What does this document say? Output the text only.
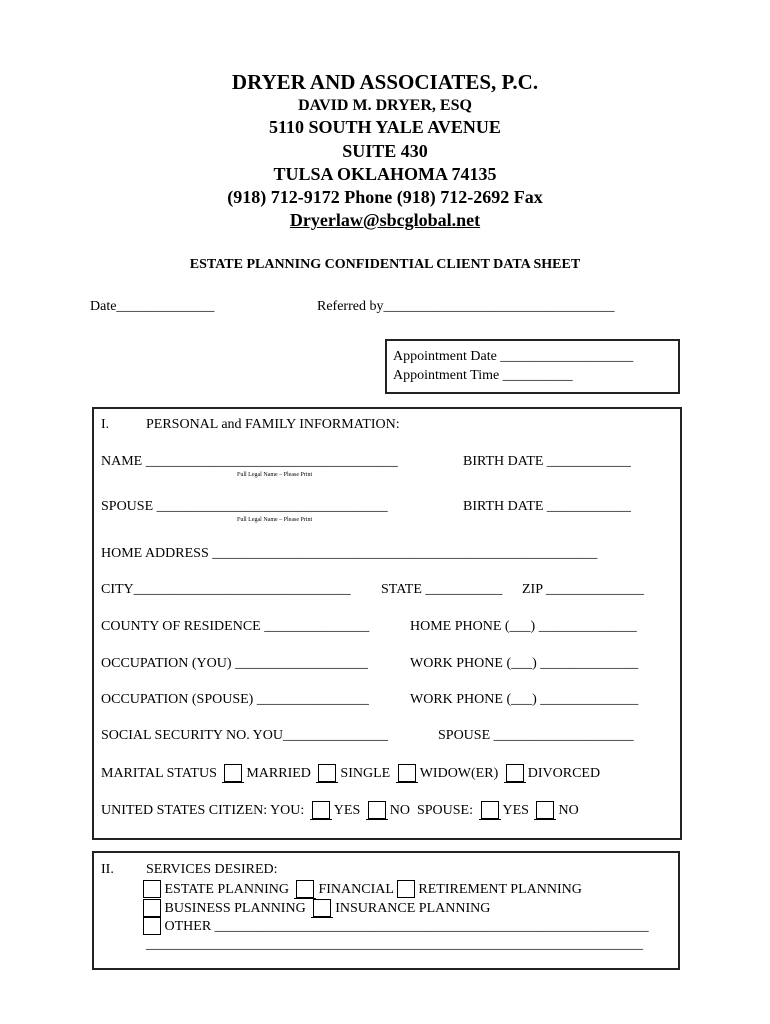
DRYER AND ASSOCIATES, P.C.
DAVID M. DRYER, ESQ
5110 SOUTH YALE AVENUE
SUITE 430
TULSA OKLAHOMA 74135
(918) 712-9172 Phone (918) 712-2692 Fax
Dryerlaw@sbcglobal.net
ESTATE PLANNING CONFIDENTIAL CLIENT DATA SHEET
Date______________	Referred by_________________________________
Appointment Date ___________________
Appointment Time __________
I.	PERSONAL and FAMILY INFORMATION:
NAME ____________________________________	BIRTH DATE ____________
Full Legal Name – Please Print
SPOUSE _________________________________	BIRTH DATE ____________
Full Legal Name – Please Print
HOME ADDRESS _______________________________________________________
CITY_______________________________ STATE ___________ ZIP ______________
COUNTY OF RESIDENCE _______________	HOME PHONE (___) ______________
OCCUPATION (YOU) ___________________	WORK PHONE (___) ______________
OCCUPATION (SPOUSE) ________________	WORK PHONE (___) ______________
SOCIAL SECURITY NO. YOU_______________	SPOUSE ____________________
MARITAL STATUS MARRIED SINGLE WIDOW(ER) DIVORCED
UNITED STATES CITIZEN: YOU: YES NO SPOUSE: YES NO
II. SERVICES DESIRED:
ESTATE PLANNING FINANCIAL RETIREMENT PLANNING
BUSINESS PLANNING INSURANCE PLANNING
OTHER ______________________________________________________________
_______________________________________________________________________
